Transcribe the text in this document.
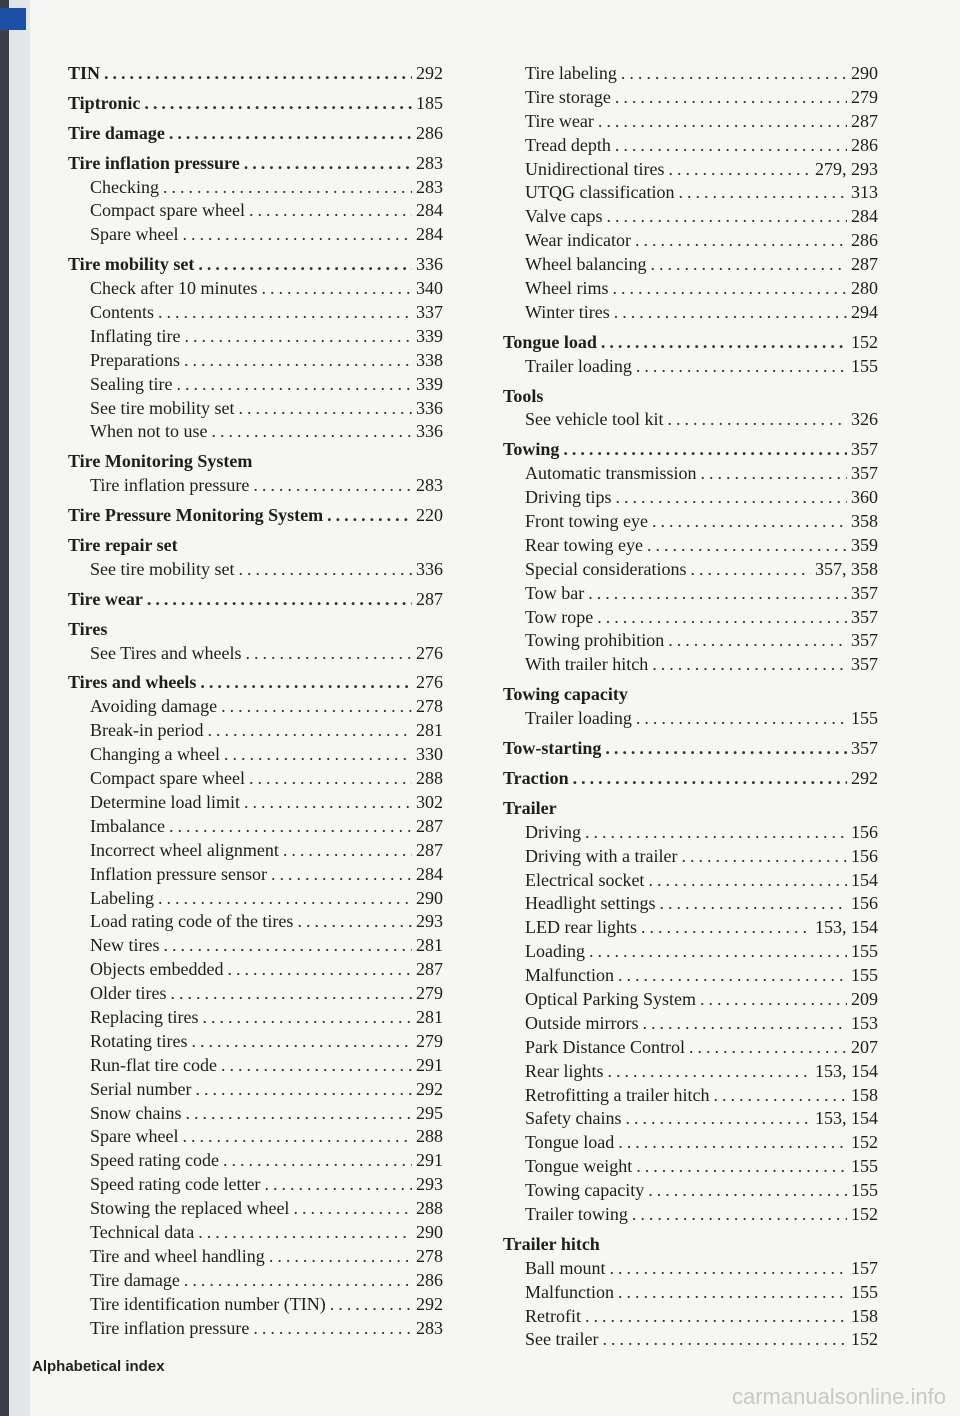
TIN .....	292
Tiptronic .....	185
Tire damage .....	286
Tire inflation pressure .....	283
Checking .....	283
Compact spare wheel .....	284
Spare wheel .....	284
Tire mobility set .....	336
Check after 10 minutes .....	340
Contents .....	337
Inflating tire .....	339
Preparations .....	338
Sealing tire .....	339
See tire mobility set .....	336
When not to use .....	336
Tire Monitoring System
Tire inflation pressure .....	283
Tire Pressure Monitoring System .....	220
Tire repair set
See tire mobility set .....	336
Tire wear .....	287
Tires
See Tires and wheels .....	276
Tires and wheels .....	276
Avoiding damage .....	278
Break-in period .....	281
Changing a wheel .....	330
Compact spare wheel .....	288
Determine load limit .....	302
Imbalance .....	287
Incorrect wheel alignment .....	287
Inflation pressure sensor .....	284
Labeling .....	290
Load rating code of the tires .....	293
New tires .....	281
Objects embedded .....	287
Older tires .....	279
Replacing tires .....	281
Rotating tires .....	279
Run-flat tire code .....	291
Serial number .....	292
Snow chains .....	295
Spare wheel .....	288
Speed rating code .....	291
Speed rating code letter .....	293
Stowing the replaced wheel .....	288
Technical data .....	290
Tire and wheel handling .....	278
Tire damage .....	286
Tire identification number (TIN) .....	292
Tire inflation pressure .....	283
Tire labeling .....	290
Tire storage .....	279
Tire wear .....	287
Tread depth .....	286
Unidirectional tires .....	279, 293
UTQG classification .....	313
Valve caps .....	284
Wear indicator .....	286
Wheel balancing .....	287
Wheel rims .....	280
Winter tires .....	294
Tongue load .....	152
Trailer loading .....	155
Tools
See vehicle tool kit .....	326
Towing .....	357
Automatic transmission .....	357
Driving tips .....	360
Front towing eye .....	358
Rear towing eye .....	359
Special considerations .....	357, 358
Tow bar .....	357
Tow rope .....	357
Towing prohibition .....	357
With trailer hitch .....	357
Towing capacity
Trailer loading .....	155
Tow-starting .....	357
Traction .....	292
Trailer
Driving .....	156
Driving with a trailer .....	156
Electrical socket .....	154
Headlight settings .....	156
LED rear lights .....	153, 154
Loading .....	155
Malfunction .....	155
Optical Parking System .....	209
Outside mirrors .....	153
Park Distance Control .....	207
Rear lights .....	153, 154
Retrofitting a trailer hitch .....	158
Safety chains .....	153, 154
Tongue load .....	152
Tongue weight .....	155
Towing capacity .....	155
Trailer towing .....	152
Trailer hitch
Ball mount .....	157
Malfunction .....	155
Retrofit .....	158
See trailer .....	152
Alphabetical index
carmanualsonline.info
